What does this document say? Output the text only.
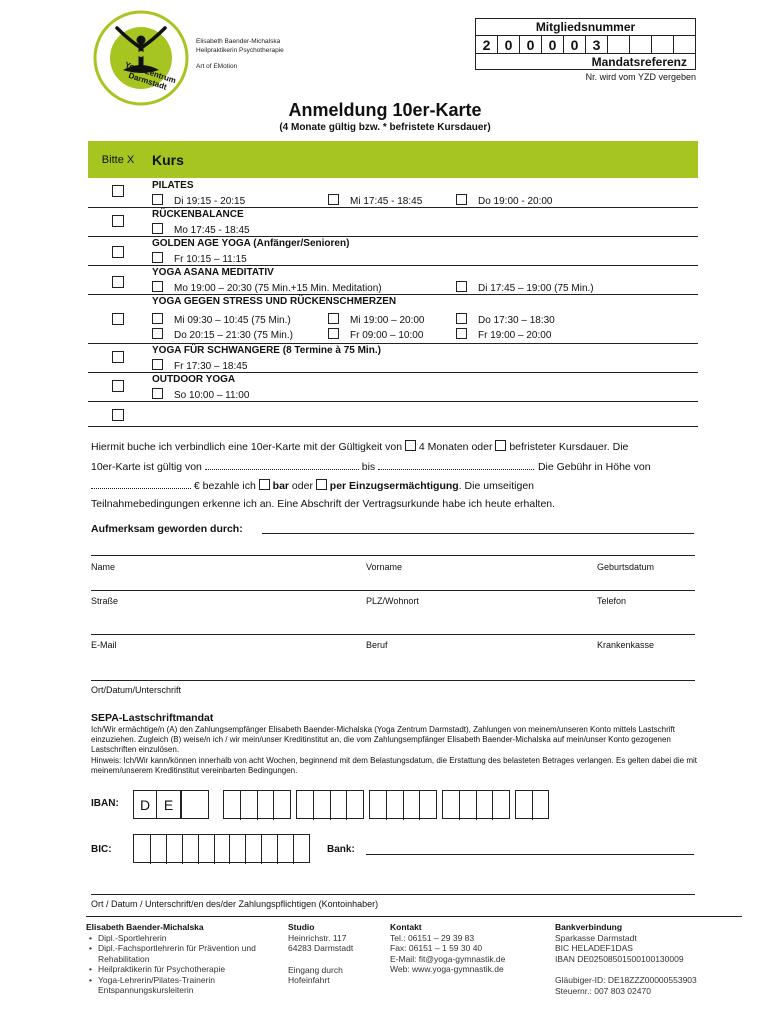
Yoga Zentrum Darmstadt
Elisabeth Baender-Michalska
Heilpraktikerin Psychotherapie
Art of EMotion
Mitgliedsnummer
2	0	0	0	0	3
Mandatsreferenz
Nr. wird vom YZD vergeben
Anmeldung 10er-Karte
(4 Monate gültig bzw. * befristete Kursdauer)
Bitte X	Kurs
PILATES
Di 19:15 - 20:15	Mi 17:45 - 18:45	Do 19:00 - 20:00
RÜCKENBALANCE
Mo 17:45 - 18:45
GOLDEN AGE YOGA (Anfänger/Senioren)
Fr 10:15 – 11:15
YOGA ASANA MEDITATIV
Mo 19:00 – 20:30 (75 Min.+15 Min. Meditation)	Di 17:45 – 19:00 (75 Min.)
YOGA GEGEN STRESS UND RÜCKENSCHMERZEN
Mi 09:30 – 10:45 (75 Min.)	Mi 19:00 – 20:00	Do 17:30 – 18:30
Do 20:15 – 21:30 (75 Min.)	Fr 09:00 – 10:00	Fr 19:00 – 20:00
YOGA FÜR SCHWANGERE (8 Termine à 75 Min.)
Fr 17:30 – 18:45
OUTDOOR YOGA
So 10:00 – 11:00
Hiermit buche ich verbindlich eine 10er-Karte mit der Gültigkeit von 4 Monaten oder befristeter Kursdauer. Die
10er-Karte ist gültig von	bis	. Die Gebühr in Höhe von
€ bezahle ich bar oder per Einzugsermächtigung. Die umseitigen
Teilnahmebedingungen erkenne ich an. Eine Abschrift der Vertragsurkunde habe ich heute erhalten.
Aufmerksam geworden durch:
Name	Vorname	Geburtsdatum
Straße	PLZ/Wohnort	Telefon
E-Mail	Beruf	Krankenkasse
Ort/Datum/Unterschrift
SEPA-Lastschriftmandat
Ich/Wir ermächtige/n (A) den Zahlungsempfänger Elisabeth Baender-Michalska (Yoga Zentrum Darmstadt), Zahlungen von meinem/unseren Konto mittels Lastschrift einzuziehen. Zugleich (B) weise/n ich / wir mein/unser Kreditinstitut an, die vom Zahlungsempfänger Elisabeth Baender-Michalska auf mein/unser Konto gezogenen Lastschriften einzulösen.
Hinweis: Ich/Wir kann/können innerhalb von acht Wochen, beginnend mit dem Belastungsdatum, die Erstattung des belasteten Betrages verlangen. Es gelten dabei die mit meinem/unserem Kreditinstitut vereinbarten Bedingungen.
IBAN:	D E
BIC:	Bank:
Ort / Datum / Unterschrift/en des/der Zahlungspflichtigen (Kontoinhaber)
Elisabeth Baender-Michalska
• Dipl.-Sportlehrerin
• Dipl.-Fachsportlehrerin für Prävention und Rehabilitation
• Heilpraktikerin für Psychotherapie
• Yoga-Lehrerin/Pilates-Trainerin Entspannungskursleiterin
Studio
Heinrichstr. 117
64283 Darmstadt
Eingang durch
Hofeinfahrt
Kontakt
Tel.: 06151 – 29 39 83
Fax: 06151 – 1 59 30 40
E-Mail: fit@yoga-gymnastik.de
Web: www.yoga-gymnastik.de
Bankverbindung
Sparkasse Darmstadt
BIC HELADEF1DAS
IBAN DE02508501500100130009
Gläubiger-ID: DE18ZZZ00000553903
Steuernr.: 007 803 02470
